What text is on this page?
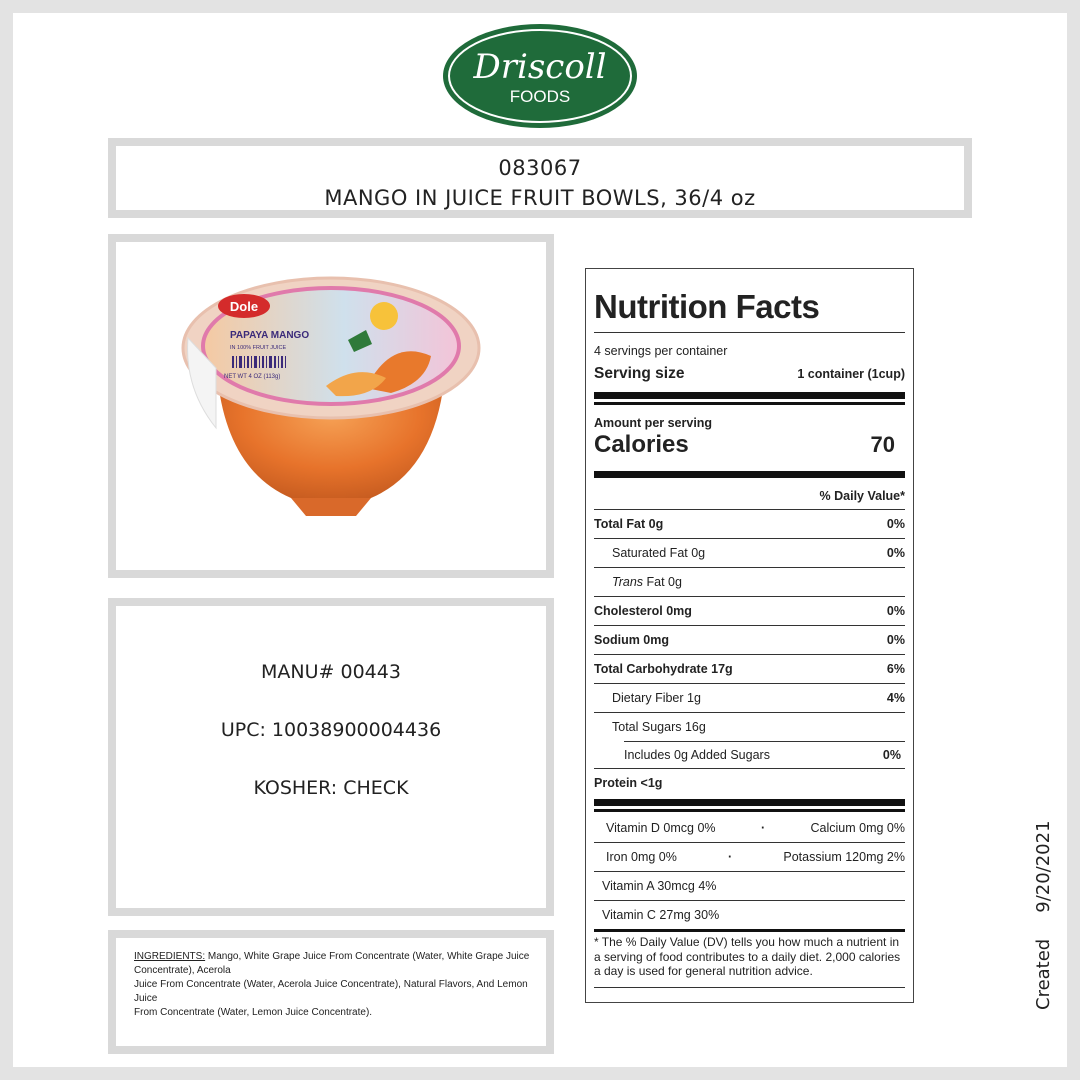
Driscoll
FOODS
083067
MANGO IN JUICE FRUIT BOWLS, 36/4 oz
Dole
PAPAYA MANGO
IN 100% FRUIT JUICE
NET WT 4 OZ (113g)
MANU# 00443
UPC: 10038900004436
KOSHER: CHECK
INGREDIENTS: Mango, White Grape Juice From Concentrate (Water, White Grape Juice Concentrate), Acerola
Juice From Concentrate (Water, Acerola Juice Concentrate), Natural Flavors, And Lemon Juice
From Concentrate (Water, Lemon Juice Concentrate).
Created9/20/2021
Nutrition Facts
4 servings per container
Serving size	1 container (1cup)
Amount per serving
Calories	70
% Daily Value*
Total Fat 0g	0%
Saturated Fat 0g	0%
Trans Fat 0g
Cholesterol 0mg	0%
Sodium 0mg	0%
Total Carbohydrate 17g	6%
Dietary Fiber 1g	4%
Total Sugars 16g
Includes 0g Added Sugars	0%
Protein <1g
Vitamin D 0mcg 0%	·	Calcium 0mg 0%
Iron 0mg 0%	·	Potassium 120mg 2%
Vitamin A 30mcg 4%
Vitamin C 27mg 30%
* The % Daily Value (DV) tells you how much a nutrient in a serving of food contributes to a daily diet. 2,000 calories a day is used for general nutrition advice.
